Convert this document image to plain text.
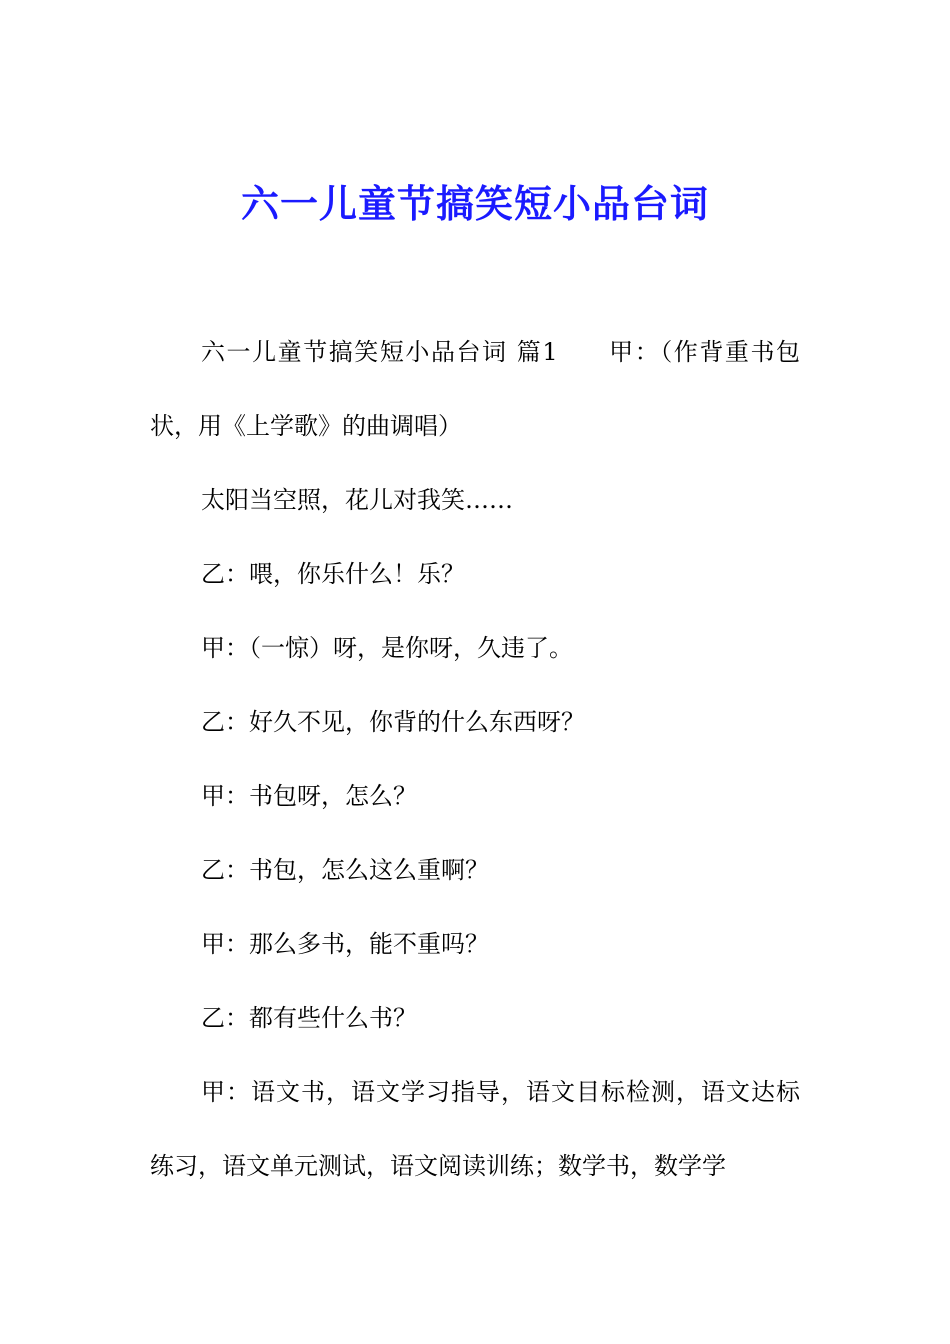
六一儿童节搞笑短小品台词

六一儿童节搞笑短小品台词 篇1 甲：（作背重书包状，用《上学歌》的曲调唱）

太阳当空照，花儿对我笑……

乙：喂，你乐什么！乐？

甲：（一惊）呀，是你呀，久违了。

乙：好久不见，你背的什么东西呀？

甲：书包呀，怎么？

乙：书包，怎么这么重啊？

甲：那么多书，能不重吗？

乙：都有些什么书？

甲：语文书，语文学习指导，语文目标检测，语文达标练习，语文单元测试，语文阅读训练；数学书，数学学
